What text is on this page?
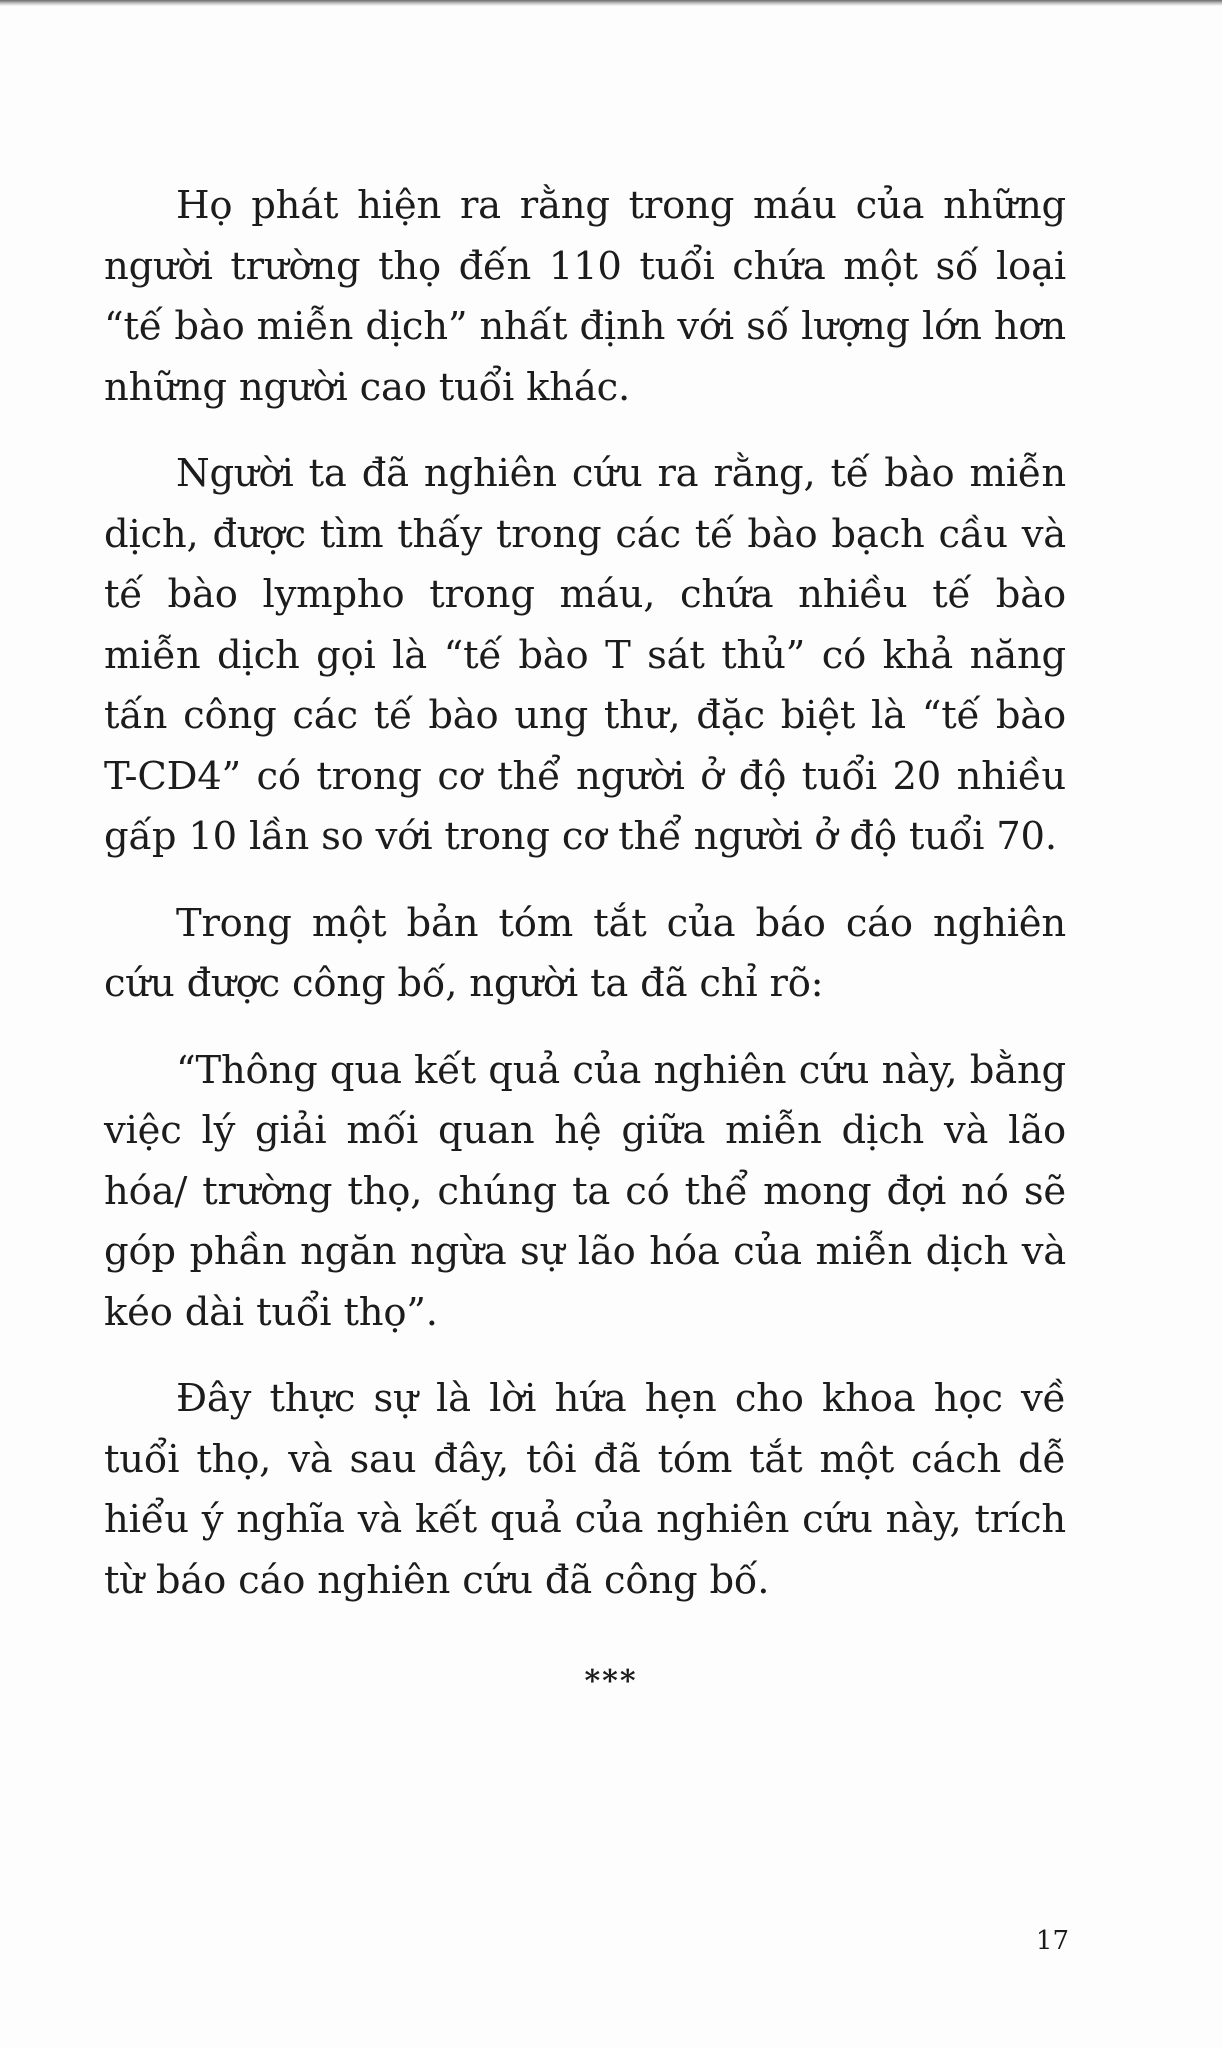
Họ phát hiện ra rằng trong máu của những người trường thọ đến 110 tuổi chứa một số loại “tế bào miễn dịch” nhất định với số lượng lớn hơn những người cao tuổi khác.

Người ta đã nghiên cứu ra rằng, tế bào miễn dịch, được tìm thấy trong các tế bào bạch cầu và tế bào lympho trong máu, chứa nhiều tế bào miễn dịch gọi là “tế bào T sát thủ” có khả năng tấn công các tế bào ung thư, đặc biệt là “tế bào T-CD4” có trong cơ thể người ở độ tuổi 20 nhiều gấp 10 lần so với trong cơ thể người ở độ tuổi 70.

Trong một bản tóm tắt của báo cáo nghiên cứu được công bố, người ta đã chỉ rõ:

“Thông qua kết quả của nghiên cứu này, bằng việc lý giải mối quan hệ giữa miễn dịch và lão hóa/ trường thọ, chúng ta có thể mong đợi nó sẽ góp phần ngăn ngừa sự lão hóa của miễn dịch và kéo dài tuổi thọ”.

Đây thực sự là lời hứa hẹn cho khoa học về tuổi thọ, và sau đây, tôi đã tóm tắt một cách dễ hiểu ý nghĩa và kết quả của nghiên cứu này, trích từ báo cáo nghiên cứu đã công bố.

***
17
